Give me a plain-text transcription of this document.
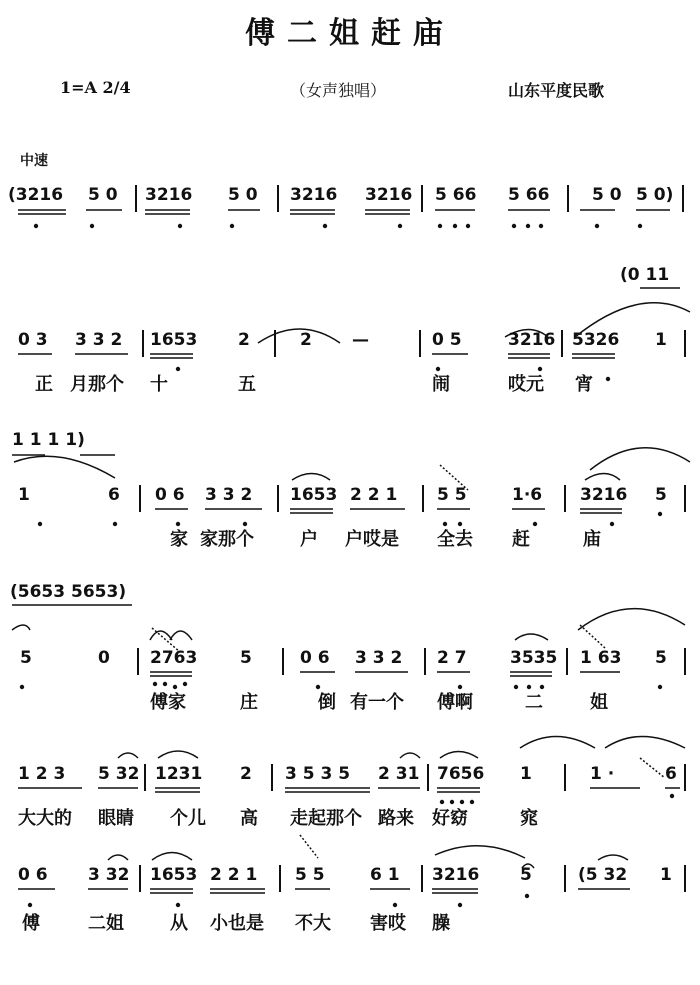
傅二姐赶庙
1=A 2/4	（女声独唱）	山东平度民歌
中速
(3216 5 0 3216 5 0 3216 3216 5 66 5 66	5 0 5 0)
(0 11
0 3 3 3 2 1653 2	2 —	0 5	3216 5326 1
正 月那个 十	五	闹	哎元 宵
1 1 1 1)
1	6 0 6 3 3 2 1653 2 2 1 5 5	1·6 3216 5
家 家那个	户 户哎是 全去 赶	庙
(5653 5653)
5	0 2763	5	0 6 3 3 2 2 7	3535 1 63 5
傅家	庄	倒 有一个 傅啊	二	姐
1 2 3 5 32 1231 2 3 5 3 5 2 31 7656 1	1 ·	6
大大的 眼睛 个儿 高 走起那个 路来 好窈	窕
0 6 3 32 1653 2 2 1 5 5	6 1 3216 5	(5 32 1
傅	二姐	从 小也是 不大 害哎 臊
